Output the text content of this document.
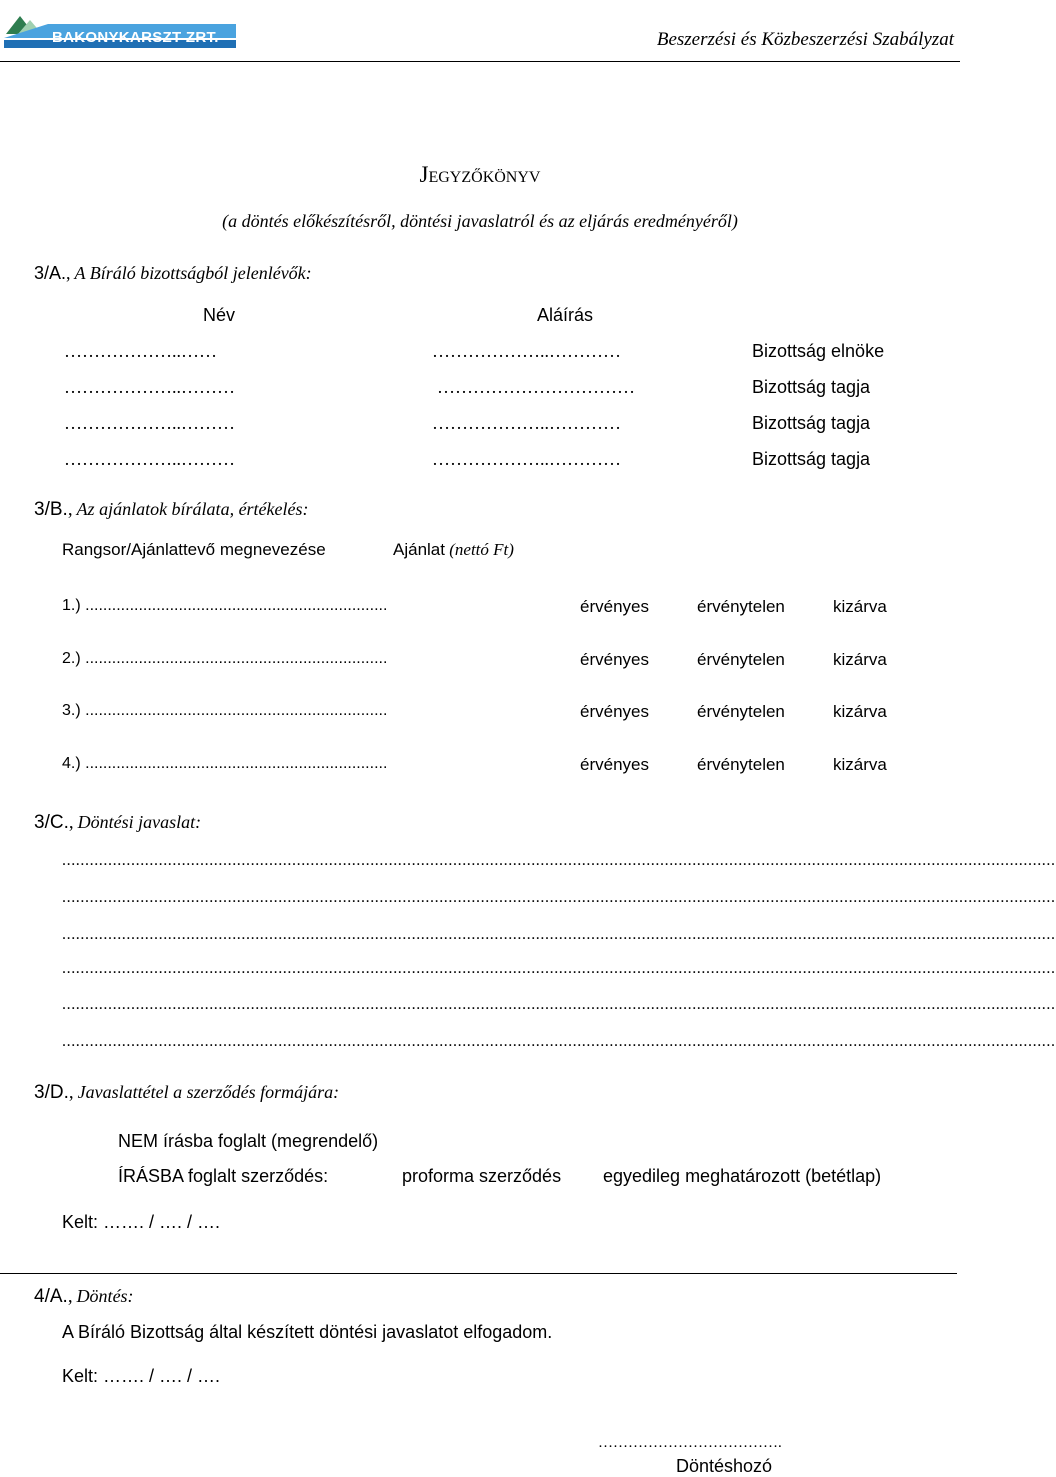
BAKONYKARSZT ZRT.	Beszerzési és Közbeszerzési Szabályzat
Jegyzőkönyv
(a döntés előkészítésről, döntési javaslatról és az eljárás eredményéről)
3/A., A Bíráló bizottságból jelenlévők:
Név	Aláírás
………………..……	………………..…………	Bizottság elnöke
………………..………	……………………………	Bizottság tagja
………………..………	………………..…………	Bizottság tagja
………………..………	………………..…………	Bizottság tagja
3/B., Az ajánlatok bírálata, értékelés:
Rangsor/Ajánlattevő megnevezése	Ajánlat (nettó Ft)
1.) ....................................................................	érvényes	érvénytelen	kizárva
2.) ....................................................................	érvényes	érvénytelen	kizárva
3.) ....................................................................	érvényes	érvénytelen	kizárva
4.) ....................................................................	érvényes	érvénytelen	kizárva
3/C., Döntési javaslat:
........................................................................................................................................................................................................................
........................................................................................................................................................................................................................
........................................................................................................................................................................................................................
........................................................................................................................................................................................................................
........................................................................................................................................................................................................................
........................................................................................................................................................................................................................
3/D., Javaslattétel a szerződés formájára:
NEM írásba foglalt (megrendelő)
ÍRÁSBA foglalt szerződés:	proforma szerződés egyedileg meghatározott (betétlap)
Kelt: ……. / …. / ….
4/A., Döntés:
A Bíráló Bizottság által készített döntési javaslatot elfogadom.
Kelt: ……. / …. / ….
……………………………….
Döntéshozó
